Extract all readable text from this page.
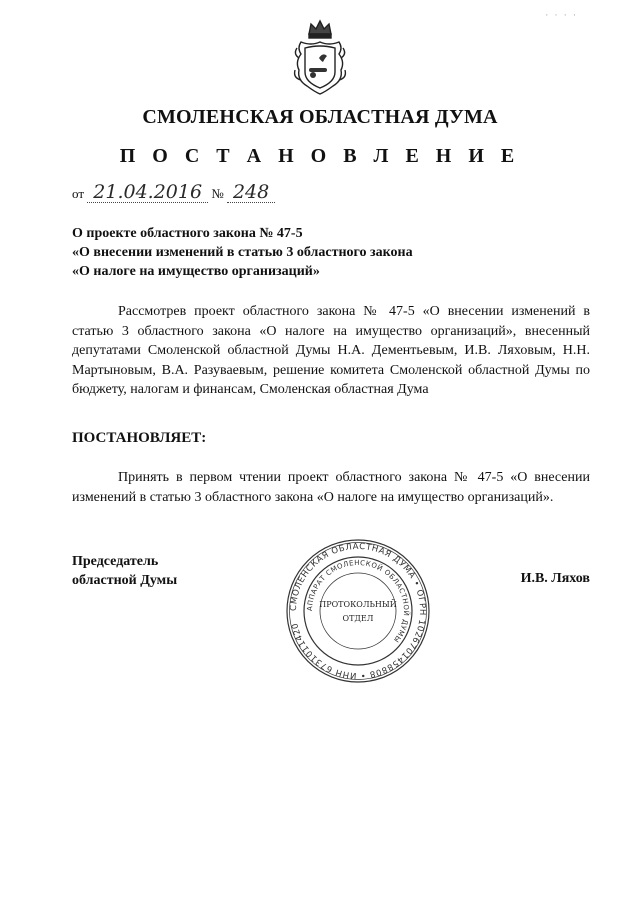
· · · ·
СМОЛЕНСКАЯ ОБЛАСТНАЯ ДУМА
П О С Т А Н О В Л Е Н И Е
от 21.04.2016 № 248
О проекте областного закона № 47-5
«О внесении изменений в статью 3 областного закона
«О налоге на имущество организаций»
Рассмотрев проект областного закона № 47-5 «О внесении изменений в статью 3 областного закона «О налоге на имущество организаций», внесенный депутатами Смоленской областной Думы Н.А. Дементьевым, И.В. Ляховым, Н.Н. Мартыновым, В.А. Разуваевым, решение комитета Смоленской областной Думы по бюджету, налогам и финансам, Смоленская областная Дума
ПОСТАНОВЛЯЕТ:
Принять в первом чтении проект областного закона № 47-5 «О внесении изменений в статью 3 областного закона «О налоге на имущество организаций».
Председатель
областной Думы	И.В. Ляхов
СМОЛЕНСКАЯ ОБЛАСТНАЯ ДУМА • ОГРН 1026701458808 • ИНН 6731011420
АППАРАТ СМОЛЕНСКОЙ ОБЛАСТНОЙ ДУМЫ
ПРОТОКОЛЬНЫЙ
ОТДЕЛ
